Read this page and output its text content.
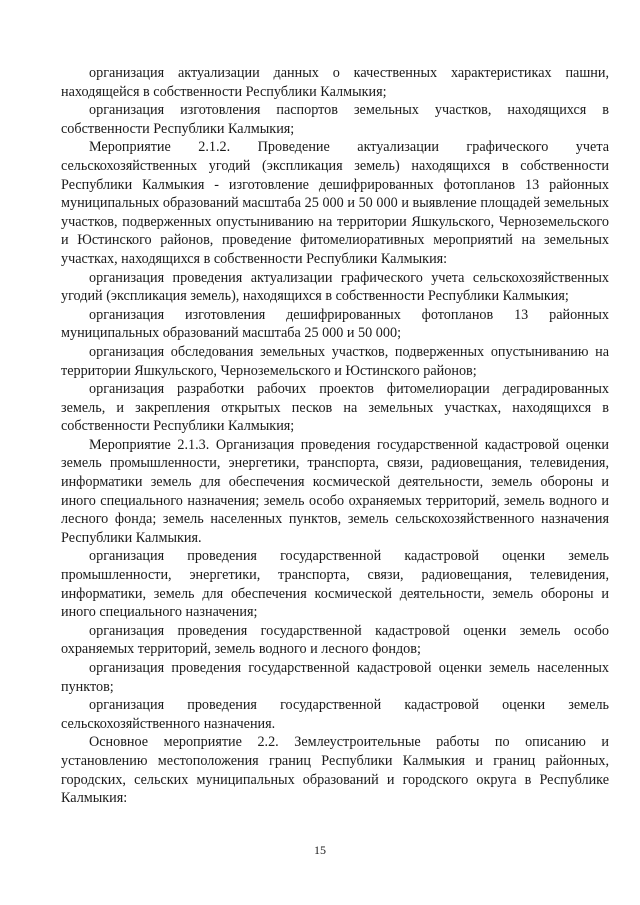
организация актуализации данных о качественных характеристиках пашни, находящейся в собственности Республики Калмыкия;

организация изготовления паспортов земельных участков, находящихся в собственности Республики Калмыкия;

Мероприятие 2.1.2. Проведение актуализации графического учета сельскохозяйственных угодий (экспликация земель) находящихся в собственности Республики Калмыкия - изготовление дешифрированных фотопланов 13 районных муниципальных образований масштаба 25 000 и 50 000 и выявление площадей земельных участков, подверженных опустыниванию на территории Яшкульского, Черноземельского и Юстинского районов, проведение фитомелиоративных мероприятий на земельных участках, находящихся в собственности Республики Калмыкия:

организация проведения актуализации графического учета сельскохозяйственных угодий (экспликация земель), находящихся в собственности Республики Калмыкия;

организация изготовления дешифрированных фотопланов 13 районных муниципальных образований масштаба 25 000 и 50 000;

организация обследования земельных участков, подверженных опустыниванию на территории Яшкульского, Черноземельского и Юстинского районов;

организация разработки рабочих проектов фитомелиорации деградированных земель, и закрепления открытых песков на земельных участках, находящихся в собственности Республики Калмыкия;

Мероприятие 2.1.3. Организация проведения государственной кадастровой оценки земель промышленности, энергетики, транспорта, связи, радиовещания, телевидения, информатики земель для обеспечения космической деятельности, земель обороны и иного специального назначения; земель особо охраняемых территорий, земель водного и лесного фонда; земель населенных пунктов, земель сельскохозяйственного назначения Республики Калмыкия.

организация проведения государственной кадастровой оценки земель промышленности, энергетики, транспорта, связи, радиовещания, телевидения, информатики, земель для обеспечения космической деятельности, земель обороны и иного специального назначения;

организация проведения государственной кадастровой оценки земель особо охраняемых территорий, земель водного и лесного фондов;

организация проведения государственной кадастровой оценки земель населенных пунктов;

организация проведения государственной кадастровой оценки земель сельскохозяйственного назначения.

Основное мероприятие 2.2. Землеустроительные работы по описанию и установлению местоположения границ Республики Калмыкия и границ районных, городских, сельских муниципальных образований и городского округа в Республике Калмыкия:

15
